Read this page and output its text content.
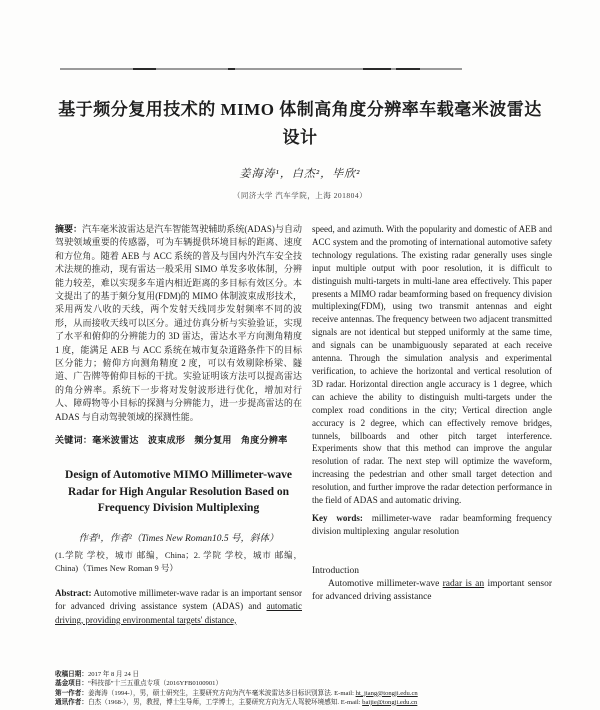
基于频分复用技术的 MIMO 体制高角度分辨率车载毫米波雷达设计
姜海涛¹，白杰²，毕欣²
（同济大学 汽车学院，上海 201804）

摘要：汽车毫米波雷达是汽车智能驾驶辅助系统(ADAS)与自动驾驶领域重要的传感器，可为车辆提供环境目标的距离、速度和方位角。随着 AEB 与 ACC 系统的普及与国内外汽车安全技术法规的推动，现有雷达一般采用 SIMO 单发多收体制，分辨能力较差，难以实现多车道内相近距离的多目标有效区分。本文提出了的基于频分复用(FDM)的 MIMO 体制波束成形技术，采用两发八收的天线，两个发射天线同步发射频率不同的波形，从而接收天线可以区分。通过仿真分析与实验验证，实现了水平和俯仰的分辨能力的 3D 雷达，雷达水平方向测角精度 1 度，能满足 AEB 与 ACC 系统在城市复杂道路条件下的目标区分能力；俯仰方向测角精度 2 度，可以有效剔除桥梁、隧道、广告牌等俯仰目标的干扰。实验证明该方法可以提高雷达的角分辨率。系统下一步将对发射波形进行优化，增加对行人、障碍物等小目标的探测与分辨能力，进一步提高雷达的在 ADAS 与自动驾驶领域的探测性能。

关键词：毫米波雷达　波束成形　频分复用　角度分辨率

Design of Automotive MIMO Millimeter-wave Radar for High Angular Resolution Based on Frequency Division Multiplexing

作者¹，作者²（Times New Roman10.5 号，斜体）

(1.学院 学校，城市 邮编，China；2. 学院 学校，城市 邮编，China)（Times New Roman 9 号）

Abstract: Automotive millimeter-wave radar is an important sensor for advanced driving assistance system (ADAS) and automatic driving, providing environmental targets' distance,

speed, and azimuth. With the popularity and domestic of AEB and ACC system and the promoting of international automotive safety technology regulations. The existing radar generally uses single input multiple output with poor resolution, it is difficult to distinguish multi-targets in multi-lane area effectively. This paper presents a MIMO radar beamforming based on frequency division multiplexing(FDM), using two transmit antennas and eight receive antennas. The frequency between two adjacent transmitted signals are not identical but stepped uniformly at the same time, and signals can be unambiguously separated at each receive antenna. Through the simulation analysis and experimental verification, to achieve the horizontal and vertical resolution of 3D radar. Horizontal direction angle accuracy is 1 degree, which can achieve the ability to distinguish multi-targets under the complex road conditions in the city; Vertical direction angle accuracy is 2 degree, which can effectively remove bridges, tunnels, billboards and other pitch target interference. Experiments show that this method can improve the angular resolution of radar. The next step will optimize the waveform, increasing the pedestrian and other small target detection and resolution, and further improve the radar detection performance in the field of ADAS and automatic driving.

Key words: millimeter-wave radar beamforming frequency division multiplexing angular resolution

Introduction

Automotive millimeter-wave radar is an important sensor for advanced driving assistance

收稿日期：2017 年 8 月 24 日
基金项目：“科技部”十三五重点专项（2016YFB0100901）
第一作者：姜海涛（1994-），男，硕士研究生，主要研究方向为汽车毫米波雷达多目标识别算法. E-mail: ht_jiang@tongji.edu.cn
通讯作者：白杰（1968-），男，教授，博士生导师，工学博士，主要研究方向为无人驾驶环境感知. E-mail: baijie@tongji.edu.cn
